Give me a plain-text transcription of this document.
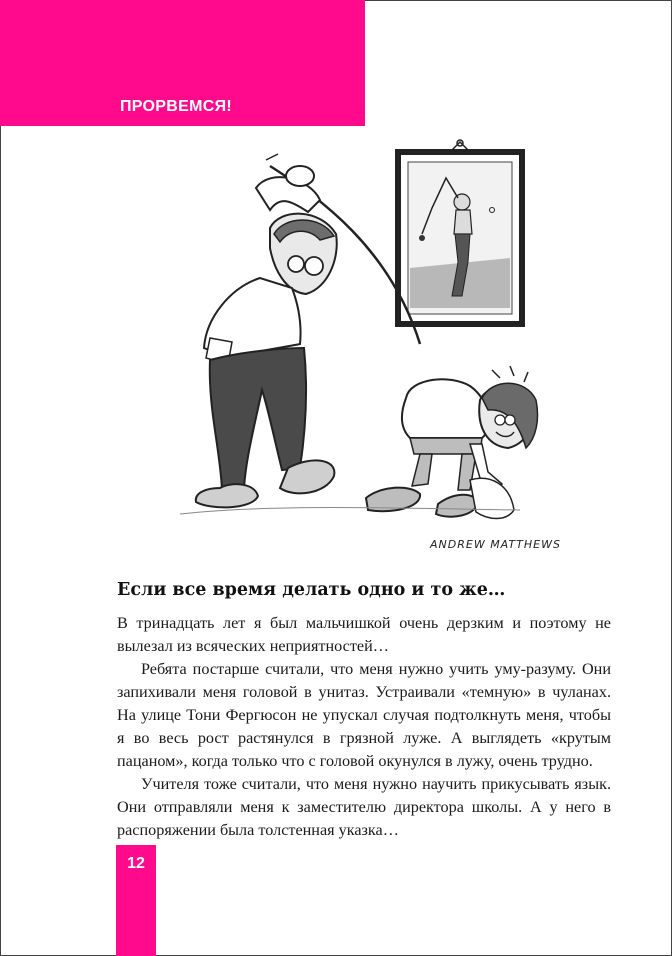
ПРОРВЕМСЯ!
ANDREW MATTHEWS
Если все время делать одно и то же…

В тринадцать лет я был мальчишкой очень дерзким и поэтому не вылезал из всяческих неприятностей…

Ребята постарше считали, что меня нужно учить уму-разуму. Они запихивали меня головой в унитаз. Устраивали «темную» в чуланах. На улице Тони Фергюсон не упускал случая подтолкнуть меня, чтобы я во весь рост растянулся в грязной луже. А выглядеть «крутым пацаном», когда только что с головой окунулся в лужу, очень трудно.

Учителя тоже считали, что меня нужно научить прикусывать язык. Они отправляли меня к заместителю директора школы. А у него в распоряжении была толстенная указка…

12
